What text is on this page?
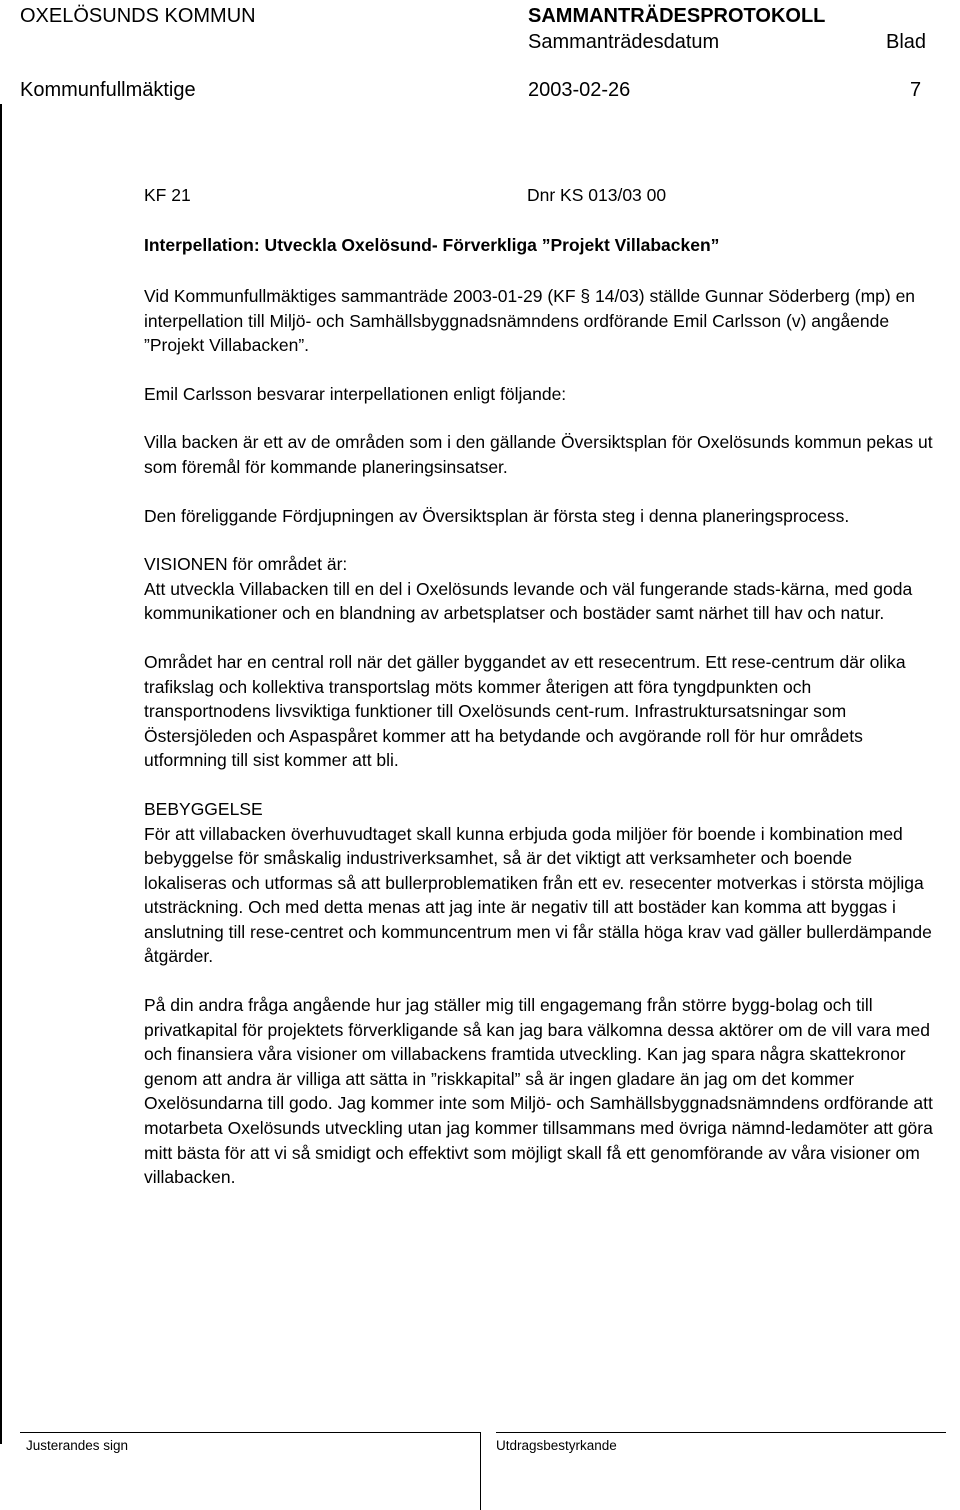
OXELÖSUNDS KOMMUN	SAMMANTRÄDESPROTOKOLL
Sammanträdesdatum	Blad
Kommunfullmäktige	2003-02-26	7
KF 21	Dnr KS 013/03 00
Interpellation: Utveckla Oxelösund- Förverkliga ”Projekt Villabacken”

Vid Kommunfullmäktiges sammanträde 2003-01-29 (KF § 14/03) ställde Gunnar Söderberg (mp) en interpellation till Miljö- och Samhällsbyggnadsnämndens ordförande Emil Carlsson (v) angående ”Projekt Villabacken”.

Emil Carlsson besvarar interpellationen enligt följande:

Villa backen är ett av de områden som i den gällande Översiktsplan för Oxelösunds kommun pekas ut som föremål för kommande planeringsinsatser.

Den föreliggande Fördjupningen av Översiktsplan är första steg i denna planeringsprocess.

VISIONEN för området är:

Att utveckla Villabacken till en del i Oxelösunds levande och väl fungerande stads-kärna, med goda kommunikationer och en blandning av arbetsplatser och bostäder samt närhet till hav och natur.

Området har en central roll när det gäller byggandet av ett resecentrum. Ett rese-centrum där olika trafikslag och kollektiva transportslag möts kommer återigen att föra tyngdpunkten och transportnodens livsviktiga funktioner till Oxelösunds cent-rum. Infrastruktursatsningar som Östersjöleden och Aspaspåret kommer att ha betydande och avgörande roll för hur områdets utformning till sist kommer att bli.

BEBYGGELSE

För att villabacken överhuvudtaget skall kunna erbjuda goda miljöer för boende i kombination med bebyggelse för småskalig industriverksamhet, så är det viktigt att verksamheter och boende lokaliseras och utformas så att bullerproblematiken från ett ev. resecenter motverkas i största möjliga utsträckning. Och med detta menas att jag inte är negativ till att bostäder kan komma att byggas i anslutning till rese-centret och kommuncentrum men vi får ställa höga krav vad gäller bullerdämpande åtgärder.

På din andra fråga angående hur jag ställer mig till engagemang från större bygg-bolag och till privatkapital för projektets förverkligande så kan jag bara välkomna dessa aktörer om de vill vara med och finansiera våra visioner om villabackens framtida utveckling. Kan jag spara några skattekronor genom att andra är villiga att sätta in ”riskkapital” så är ingen gladare än jag om det kommer Oxelösundarna till godo. Jag kommer inte som Miljö- och Samhällsbyggnadsnämndens ordförande att motarbeta Oxelösunds utveckling utan jag kommer tillsammans med övriga nämnd-ledamöter att göra mitt bästa för att vi så smidigt och effektivt som möjligt skall få ett genomförande av våra visioner om villabacken.

Justerandes sign	Utdragsbestyrkande
